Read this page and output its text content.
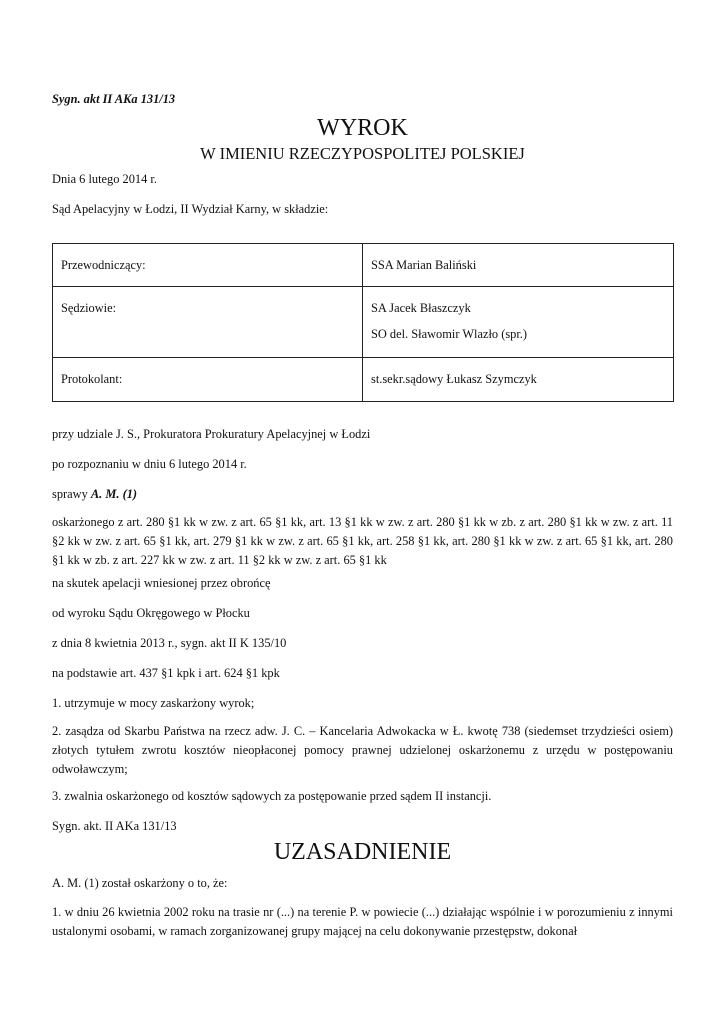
Sygn. akt II AKa 131/13
WYROK
W IMIENIU RZECZYPOSPOLITEJ POLSKIEJ

Dnia 6 lutego 2014 r.

Sąd Apelacyjny w Łodzi, II Wydział Karny, w składzie:

Przewodniczący:	SSA Marian Baliński

Sędziowie:	SA Jacek Błaszczyk
SO del. Sławomir Wlazło (spr.)

Protokolant:	st.sekr.sądowy Łukasz Szymczyk

przy udziale J. S., Prokuratora Prokuratury Apelacyjnej w Łodzi

po rozpoznaniu w dniu 6 lutego 2014 r.

sprawy A. M. (1)

oskarżonego z art. 280 §1 kk w zw. z art. 65 §1 kk, art. 13 §1 kk w zw. z art. 280 §1 kk w zb. z art. 280 §1 kk w zw. z art. 11 §2 kk w zw. z art. 65 §1 kk, art. 279 §1 kk w zw. z art. 65 §1 kk, art. 258 §1 kk, art. 280 §1 kk w zw. z art. 65 §1 kk, art. 280 §1 kk w zb. z art. 227 kk w zw. z art. 11 §2 kk w zw. z art. 65 §1 kk

na skutek apelacji wniesionej przez obrońcę

od wyroku Sądu Okręgowego w Płocku

z dnia 8 kwietnia 2013 r., sygn. akt II K 135/10

na podstawie art. 437 §1 kpk i art. 624 §1 kpk

1. utrzymuje w mocy zaskarżony wyrok;

2. zasądza od Skarbu Państwa na rzecz adw. J. C. – Kancelaria Adwokacka w Ł. kwotę 738 (siedemset trzydzieści osiem) złotych tytułem zwrotu kosztów nieopłaconej pomocy prawnej udzielonej oskarżonemu z urzędu w postępowaniu odwoławczym;

3. zwalnia oskarżonego od kosztów sądowych za postępowanie przed sądem II instancji.

Sygn. akt. II AKa 131/13

UZASADNIENIE

A. M. (1) został oskarżony o to, że:

1. w dniu 26 kwietnia 2002 roku na trasie nr (...) na terenie P. w powiecie (...) działając wspólnie i w porozumieniu z innymi ustalonymi osobami, w ramach zorganizowanej grupy mającej na celu dokonywanie przestępstw, dokonał
